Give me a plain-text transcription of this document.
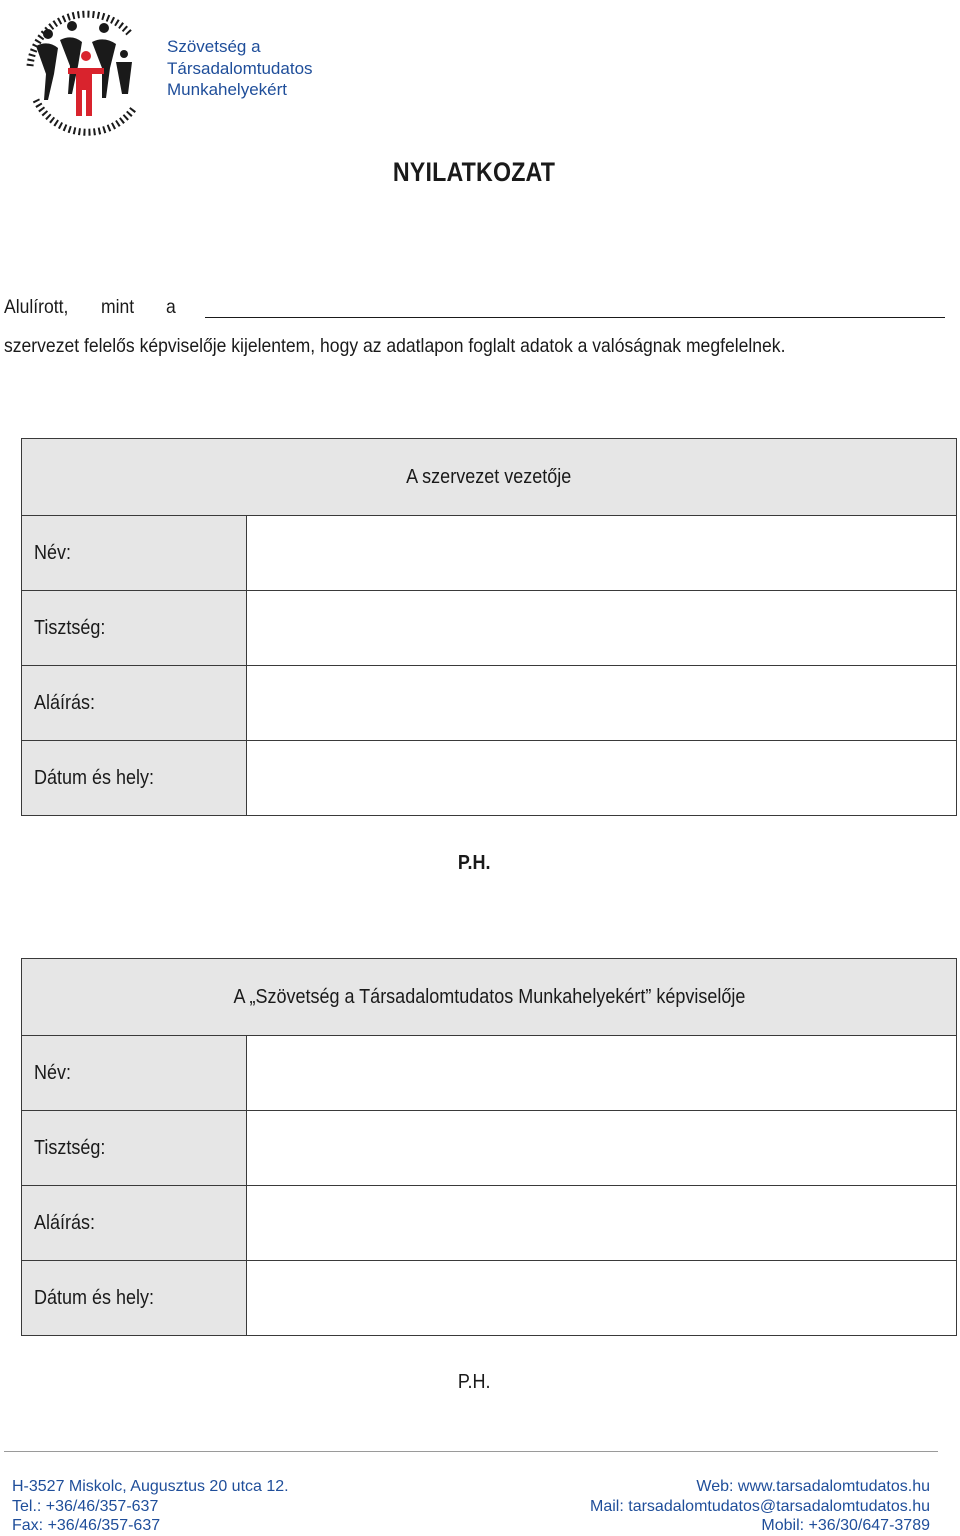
Szövetség a
Társadalomtudatos
Munkahelyekért
NYILATKOZAT
Alulírott, mint a
szervezet felelős képviselője kijelentem, hogy az adatlapon foglalt adatok a valóságnak megfelelnek.
A szervezet vezetője	
Név:	
Tisztség:	
Aláírás:	
Dátum és hely:	
P.H.
A „Szövetség a Társadalomtudatos Munkahelyekért” képviselője	
Név:	
Tisztség:	
Aláírás:	
Dátum és hely:	
P.H.
H-3527 Miskolc, Augusztus 20 utca 12.
Tel.: +36/46/357-637
Fax: +36/46/357-637
Web: www.tarsadalomtudatos.hu
Mail: tarsadalomtudatos@tarsadalomtudatos.hu
Mobil: +36/30/647-3789
